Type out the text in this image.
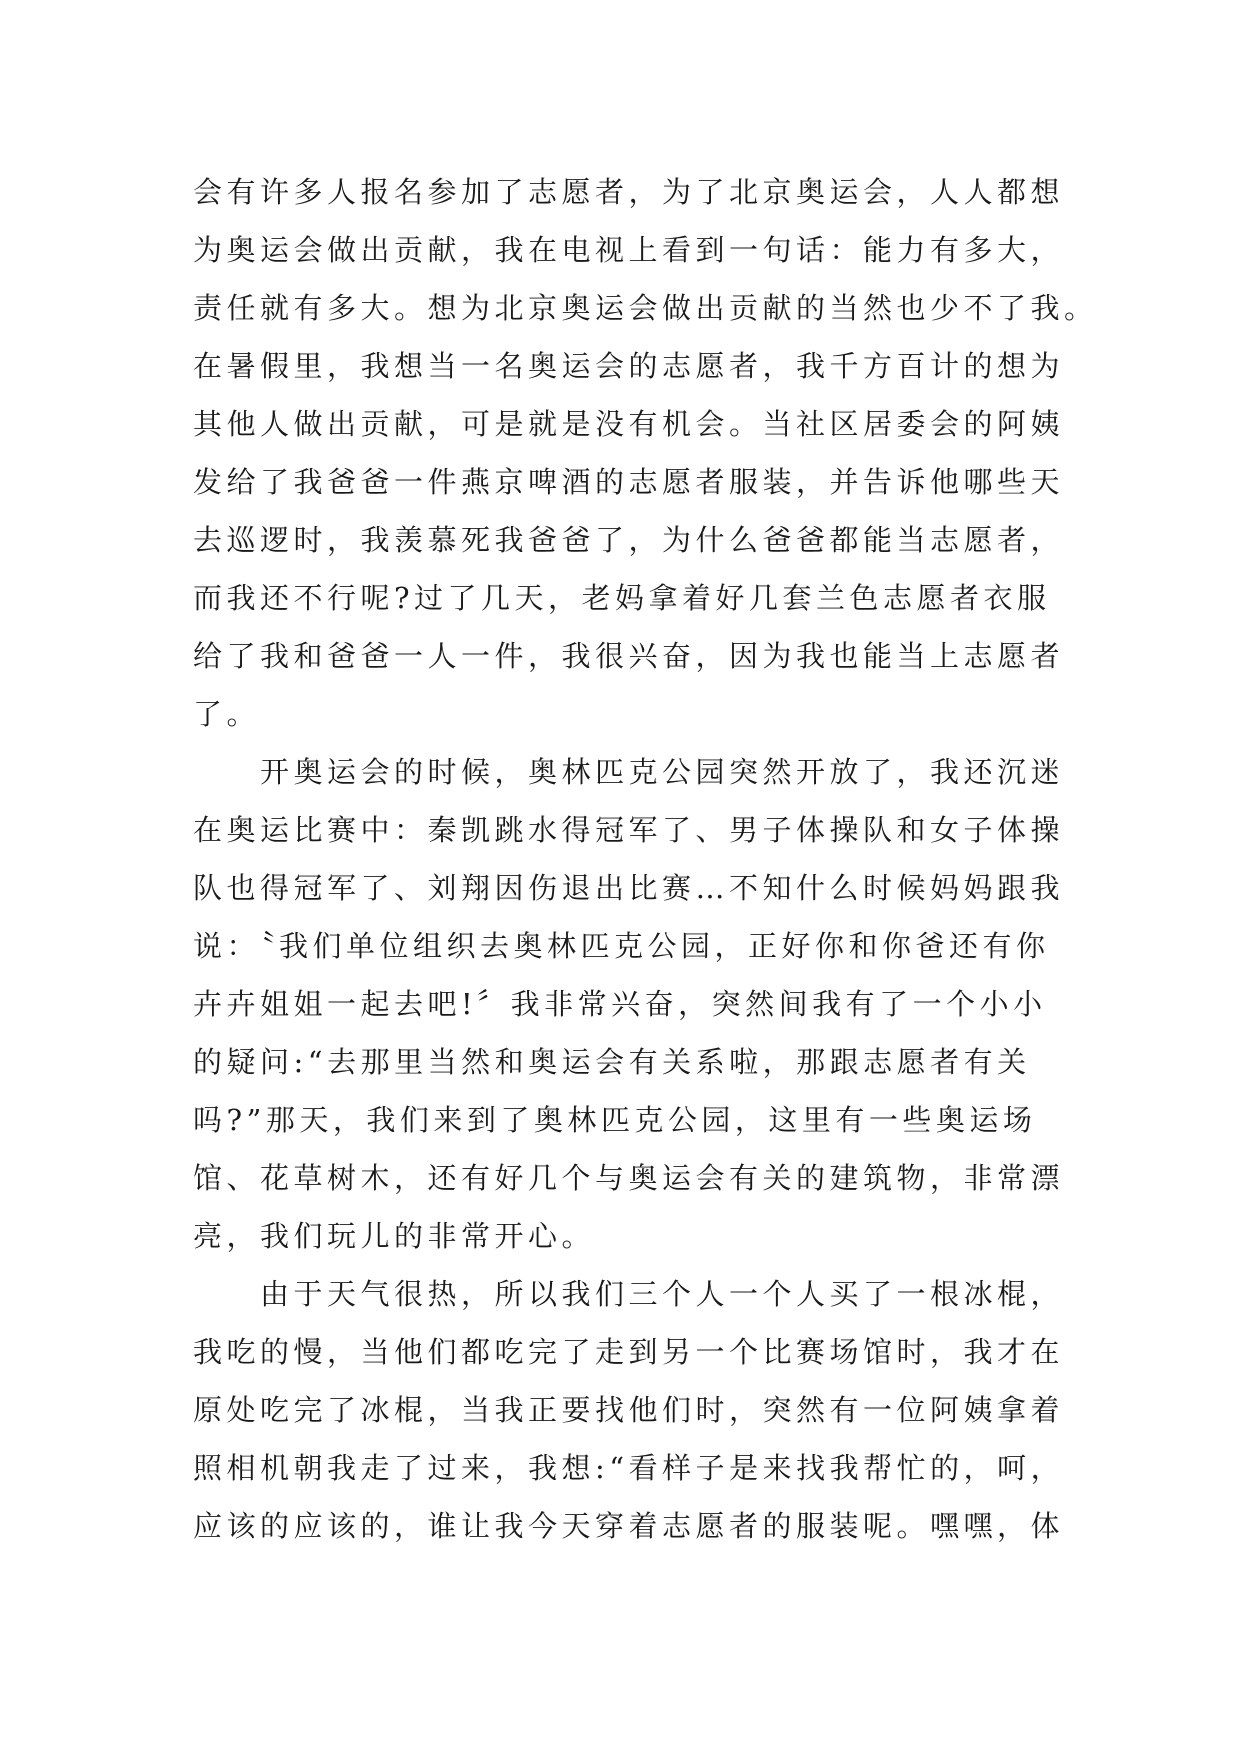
会有许多人报名参加了志愿者，为了北京奥运会，人人都想
为奥运会做出贡献，我在电视上看到一句话：能力有多大，
责任就有多大。想为北京奥运会做出贡献的当然也少不了我。
在暑假里，我想当一名奥运会的志愿者，我千方百计的想为
其他人做出贡献，可是就是没有机会。当社区居委会的阿姨
发给了我爸爸一件燕京啤酒的志愿者服装，并告诉他哪些天
去巡逻时，我羡慕死我爸爸了，为什么爸爸都能当志愿者，
而我还不行呢?过了几天，老妈拿着好几套兰色志愿者衣服
给了我和爸爸一人一件，我很兴奋，因为我也能当上志愿者
了。
　　开奥运会的时候，奥林匹克公园突然开放了，我还沉迷
在奥运比赛中：秦凯跳水得冠军了、男子体操队和女子体操
队也得冠军了、刘翔因伤退出比赛…不知什么时候妈妈跟我
说：〝我们单位组织去奥林匹克公园，正好你和你爸还有你
卉卉姐姐一起去吧!〞我非常兴奋，突然间我有了一个小小
的疑问:“去那里当然和奥运会有关系啦，那跟志愿者有关
吗?”那天，我们来到了奥林匹克公园，这里有一些奥运场
馆、花草树木，还有好几个与奥运会有关的建筑物，非常漂
亮，我们玩儿的非常开心。
　　由于天气很热，所以我们三个人一个人买了一根冰棍，
我吃的慢，当他们都吃完了走到另一个比赛场馆时，我才在
原处吃完了冰棍，当我正要找他们时，突然有一位阿姨拿着
照相机朝我走了过来，我想:“看样子是来找我帮忙的，呵，
应该的应该的，谁让我今天穿着志愿者的服装呢。嘿嘿，体
